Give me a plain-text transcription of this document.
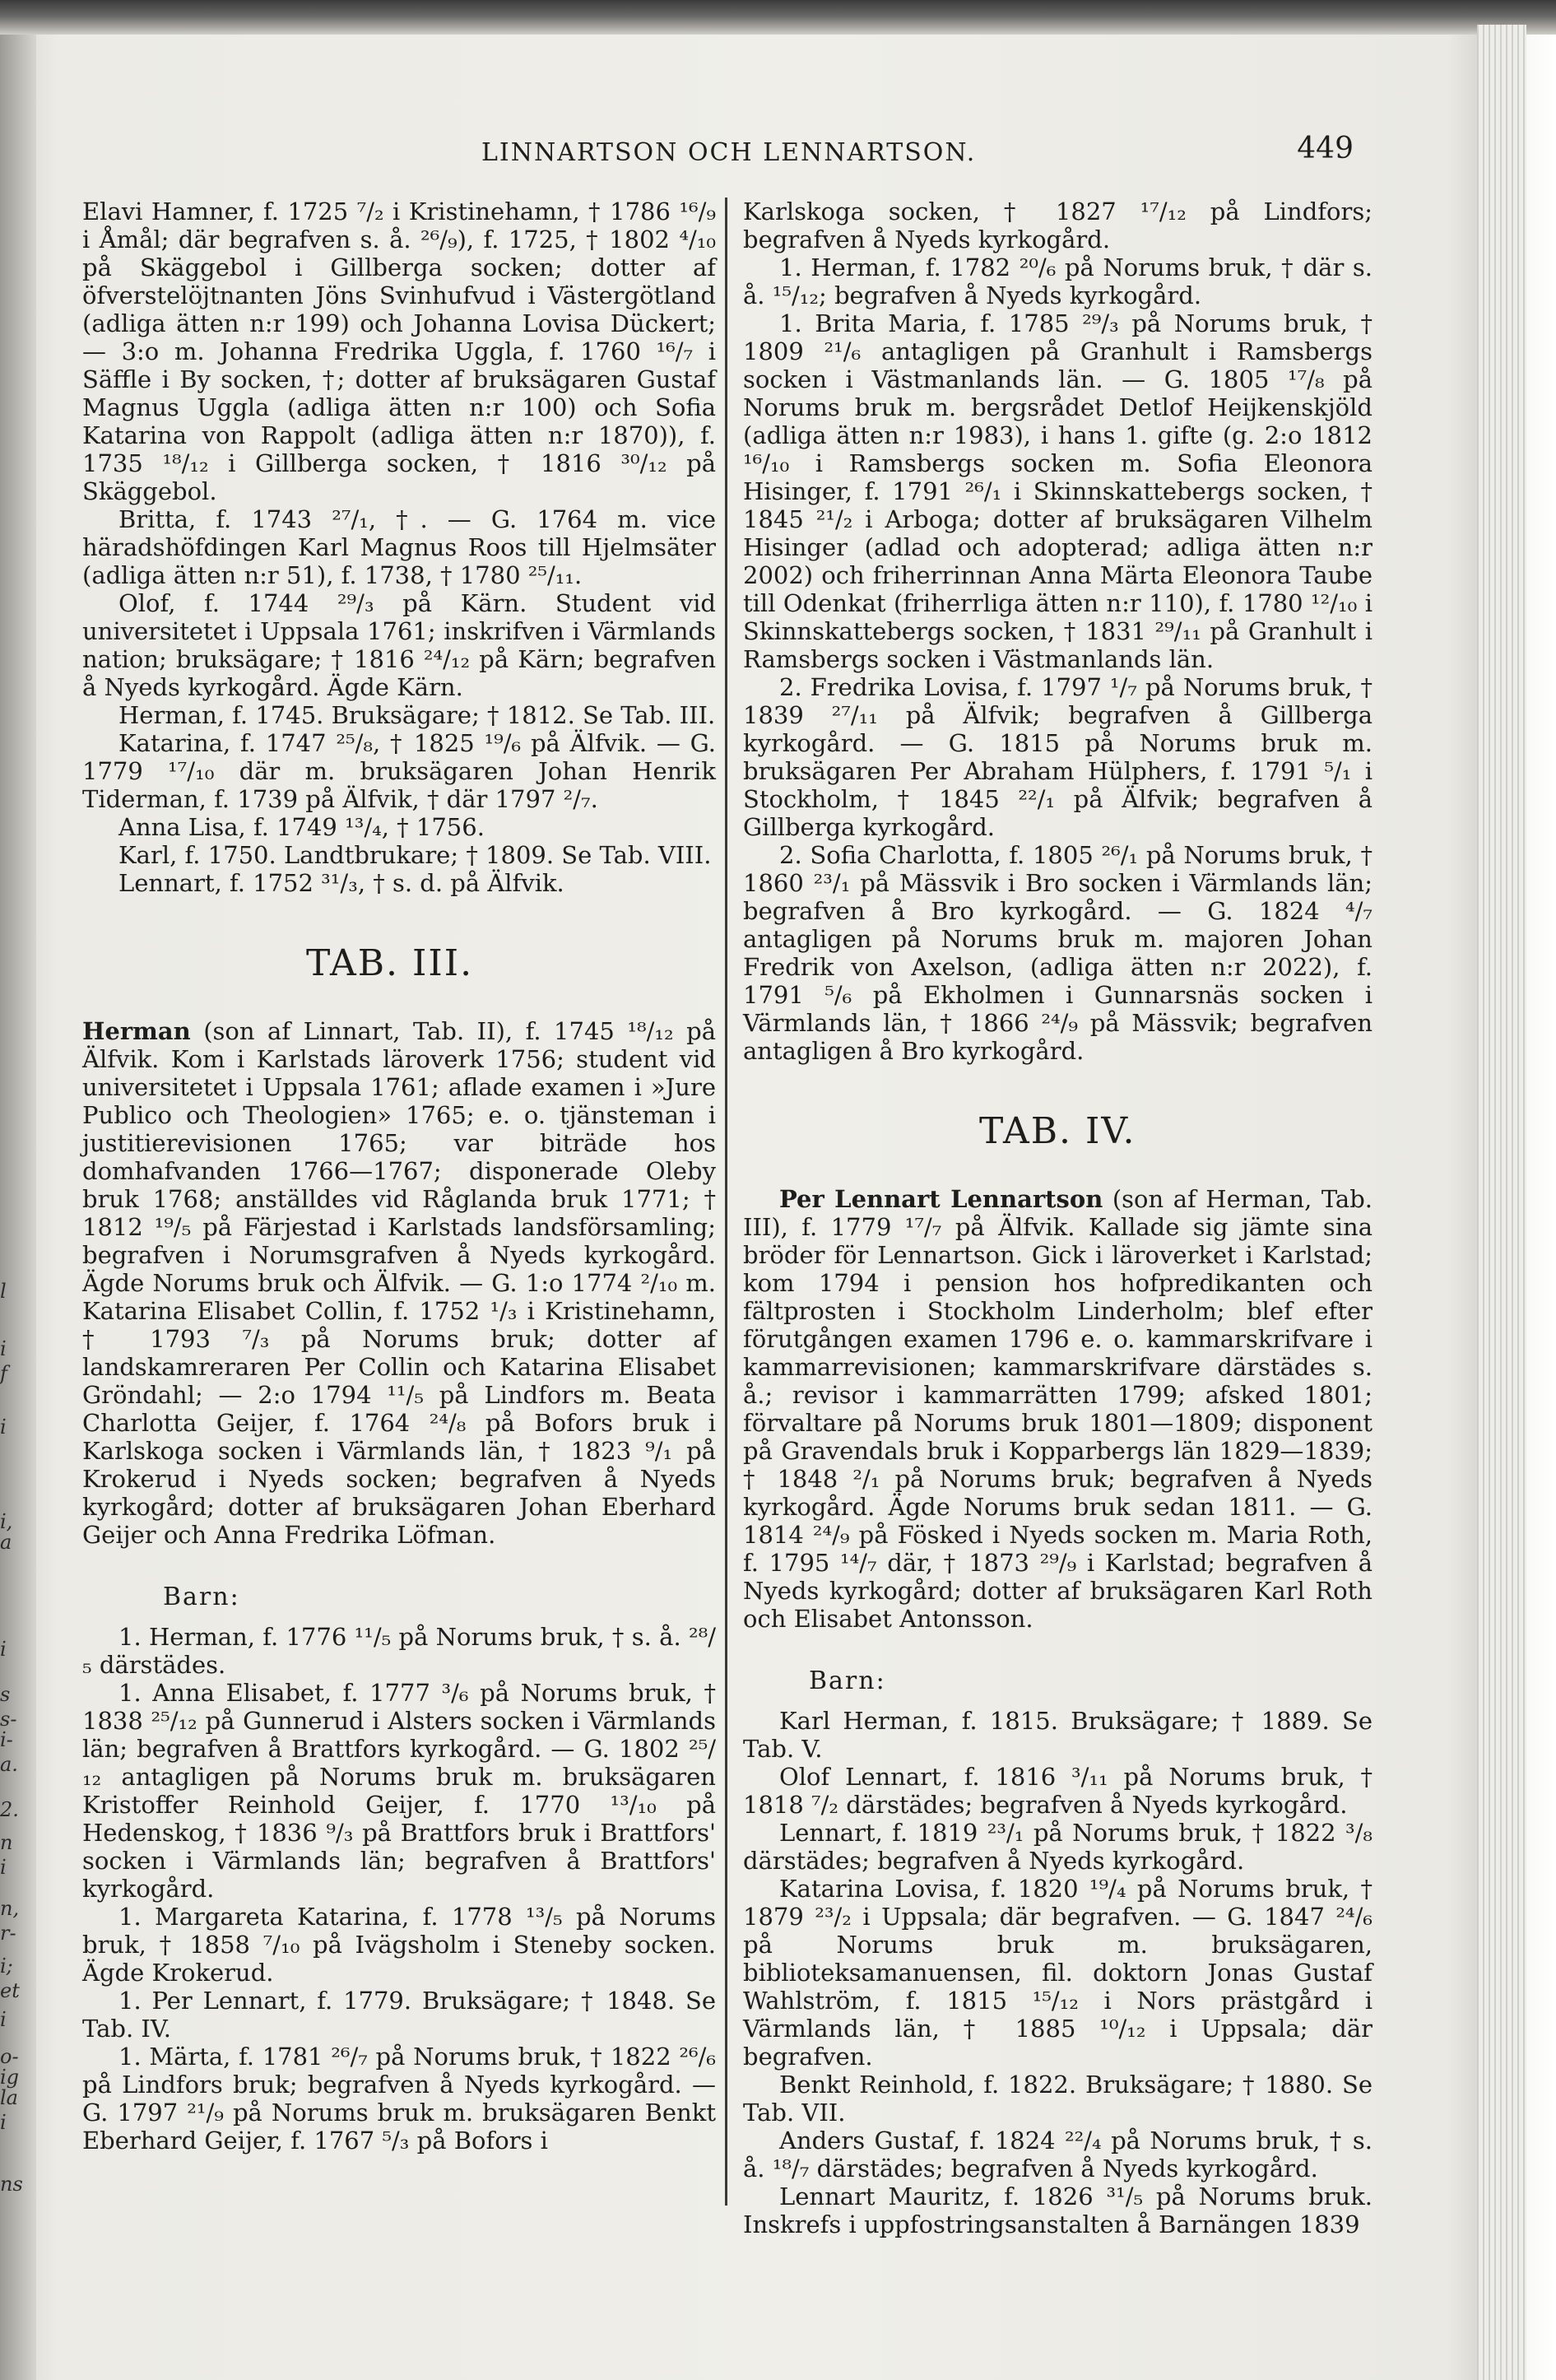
l
i
f
i
i,
a
i
s
s-
i-
a.
2.
n
i
n,
r-
i;
et
i
o-
ig
la
i
ns
LINNARTSON OCH LENNARTSON.	449

Elavi Hamner, f. 1725 ⁷/₂ i Kristinehamn, † 1786 ¹⁶/₉ i Åmål; där begrafven s. å. ²⁶/₉), f. 1725, † 1802 ⁴/₁₀ på Skäggebol i Gillberga socken; dotter af öfverstelöjtnanten Jöns Svinhufvud i Västergötland (adliga ätten n:r 199) och Johanna Lovisa Dückert; — 3:o m. Johanna Fredrika Uggla, f. 1760 ¹⁶/₇ i Säffle i By socken, †; dotter af bruksägaren Gustaf Magnus Uggla (adliga ätten n:r 100) och Sofia Katarina von Rappolt (adliga ätten n:r 1870)), f. 1735 ¹⁸/₁₂ i Gillberga socken, † 1816 ³⁰/₁₂ på Skäggebol.

Britta, f. 1743 ²⁷/₁, †. — G. 1764 m. vice häradshöfdingen Karl Magnus Roos till Hjelmsäter (adliga ätten n:r 51), f. 1738, † 1780 ²⁵/₁₁.

Olof, f. 1744 ²⁹/₃ på Kärn. Student vid universitetet i Uppsala 1761; inskrifven i Värmlands nation; bruksägare; † 1816 ²⁴/₁₂ på Kärn; begrafven å Nyeds kyrkogård. Ägde Kärn.

Herman, f. 1745. Bruksägare; † 1812. Se Tab. III.

Katarina, f. 1747 ²⁵/₈, † 1825 ¹⁹/₆ på Älfvik. — G. 1779 ¹⁷/₁₀ där m. bruksägaren Johan Henrik Tiderman, f. 1739 på Älfvik, † där 1797 ²/₇.

Anna Lisa, f. 1749 ¹³/₄, † 1756.

Karl, f. 1750. Landtbrukare; † 1809. Se Tab. VIII.

Lennart, f. 1752 ³¹/₃, † s. d. på Älfvik.

TAB. III.

Herman (son af Linnart, Tab. II), f. 1745 ¹⁸/₁₂ på Älfvik. Kom i Karlstads läroverk 1756; student vid universitetet i Uppsala 1761; aflade examen i »Jure Publico och Theologien» 1765; e. o. tjänsteman i justitierevisionen 1765; var biträde hos domhafvanden 1766—1767; disponerade Oleby bruk 1768; anställdes vid Råglanda bruk 1771; † 1812 ¹⁹/₅ på Färjestad i Karlstads landsförsamling; begrafven i Norumsgrafven å Nyeds kyrkogård. Ägde Norums bruk och Älfvik. — G. 1:o 1774 ²/₁₀ m. Katarina Elisabet Collin, f. 1752 ¹/₃ i Kristinehamn, † 1793 ⁷/₃ på Norums bruk; dotter af landskamreraren Per Collin och Katarina Elisabet Gröndahl; — 2:o 1794 ¹¹/₅ på Lindfors m. Beata Charlotta Geijer, f. 1764 ²⁴/₈ på Bofors bruk i Karlskoga socken i Värmlands län, † 1823 ⁹/₁ på Krokerud i Nyeds socken; begrafven å Nyeds kyrkogård; dotter af bruksägaren Johan Eberhard Geijer och Anna Fredrika Löfman.

Barn:

1. Herman, f. 1776 ¹¹/₅ på Norums bruk, † s. å. ²⁸/₅ därstädes.

1. Anna Elisabet, f. 1777 ³/₆ på Norums bruk, † 1838 ²⁵/₁₂ på Gunnerud i Alsters socken i Värmlands län; begrafven å Brattfors kyrkogård. — G. 1802 ²⁵/₁₂ antagligen på Norums bruk m. bruksägaren Kristoffer Reinhold Geijer, f. 1770 ¹³/₁₀ på Hedenskog, † 1836 ⁹/₃ på Brattfors bruk i Brattfors' socken i Värmlands län; begrafven å Brattfors' kyrkogård.

1. Margareta Katarina, f. 1778 ¹³/₅ på Norums bruk, † 1858 ⁷/₁₀ på Ivägsholm i Steneby socken. Ägde Krokerud.

1. Per Lennart, f. 1779. Bruksägare; † 1848. Se Tab. IV.

1. Märta, f. 1781 ²⁶/₇ på Norums bruk, † 1822 ²⁶/₆ på Lindfors bruk; begrafven å Nyeds kyrkogård. — G. 1797 ²¹/₉ på Norums bruk m. bruksägaren Benkt Eberhard Geijer, f. 1767 ⁵/₃ på Bofors i

Karlskoga socken, † 1827 ¹⁷/₁₂ på Lindfors; begrafven å Nyeds kyrkogård.

1. Herman, f. 1782 ²⁰/₆ på Norums bruk, † där s. å. ¹⁵/₁₂; begrafven å Nyeds kyrkogård.

1. Brita Maria, f. 1785 ²⁹/₃ på Norums bruk, † 1809 ²¹/₆ antagligen på Granhult i Ramsbergs socken i Västmanlands län. — G. 1805 ¹⁷/₈ på Norums bruk m. bergsrådet Detlof Heijkenskjöld (adliga ätten n:r 1983), i hans 1. gifte (g. 2:o 1812 ¹⁶/₁₀ i Ramsbergs socken m. Sofia Eleonora Hisinger, f. 1791 ²⁶/₁ i Skinnskattebergs socken, † 1845 ²¹/₂ i Arboga; dotter af bruksägaren Vilhelm Hisinger (adlad och adopterad; adliga ätten n:r 2002) och friherrinnan Anna Märta Eleonora Taube till Odenkat (friherrliga ätten n:r 110), f. 1780 ¹²/₁₀ i Skinnskattebergs socken, † 1831 ²⁹/₁₁ på Granhult i Ramsbergs socken i Västmanlands län.

2. Fredrika Lovisa, f. 1797 ¹/₇ på Norums bruk, † 1839 ²⁷/₁₁ på Älfvik; begrafven å Gillberga kyrkogård. — G. 1815 på Norums bruk m. bruksägaren Per Abraham Hülphers, f. 1791 ⁵/₁ i Stockholm, † 1845 ²²/₁ på Älfvik; begrafven å Gillberga kyrkogård.

2. Sofia Charlotta, f. 1805 ²⁶/₁ på Norums bruk, † 1860 ²³/₁ på Mässvik i Bro socken i Värmlands län; begrafven å Bro kyrkogård. — G. 1824 ⁴/₇ antagligen på Norums bruk m. majoren Johan Fredrik von Axelson, (adliga ätten n:r 2022), f. 1791 ⁵/₆ på Ekholmen i Gunnarsnäs socken i Värmlands län, † 1866 ²⁴/₉ på Mässvik; begrafven antagligen å Bro kyrkogård.

TAB. IV.

Per Lennart Lennartson (son af Herman, Tab. III), f. 1779 ¹⁷/₇ på Älfvik. Kallade sig jämte sina bröder för Lennartson. Gick i läroverket i Karlstad; kom 1794 i pension hos hofpredikanten och fältprosten i Stockholm Linderholm; blef efter förutgången examen 1796 e. o. kammarskrifvare i kammarrevisionen; kammarskrifvare därstädes s. å.; revisor i kammarrätten 1799; afsked 1801; förvaltare på Norums bruk 1801—1809; disponent på Gravendals bruk i Kopparbergs län 1829—1839; † 1848 ²/₁ på Norums bruk; begrafven å Nyeds kyrkogård. Ägde Norums bruk sedan 1811. — G. 1814 ²⁴/₉ på Fösked i Nyeds socken m. Maria Roth, f. 1795 ¹⁴/₇ där, † 1873 ²⁹/₉ i Karlstad; begrafven å Nyeds kyrkogård; dotter af bruksägaren Karl Roth och Elisabet Antonsson.

Barn:

Karl Herman, f. 1815. Bruksägare; † 1889. Se Tab. V.

Olof Lennart, f. 1816 ³/₁₁ på Norums bruk, † 1818 ⁷/₂ därstädes; begrafven å Nyeds kyrkogård.

Lennart, f. 1819 ²³/₁ på Norums bruk, † 1822 ³/₈ därstädes; begrafven å Nyeds kyrkogård.

Katarina Lovisa, f. 1820 ¹⁹/₄ på Norums bruk, † 1879 ²³/₂ i Uppsala; där begrafven. — G. 1847 ²⁴/₆ på Norums bruk m. bruksägaren, biblioteksamanuensen, fil. doktorn Jonas Gustaf Wahlström, f. 1815 ¹⁵/₁₂ i Nors prästgård i Värmlands län, † 1885 ¹⁰/₁₂ i Uppsala; där begrafven.

Benkt Reinhold, f. 1822. Bruksägare; † 1880. Se Tab. VII.

Anders Gustaf, f. 1824 ²²/₄ på Norums bruk, † s. å. ¹⁸/₇ därstädes; begrafven å Nyeds kyrkogård.

Lennart Mauritz, f. 1826 ³¹/₅ på Norums bruk. Inskrefs i uppfostringsanstalten å Barnängen 1839
